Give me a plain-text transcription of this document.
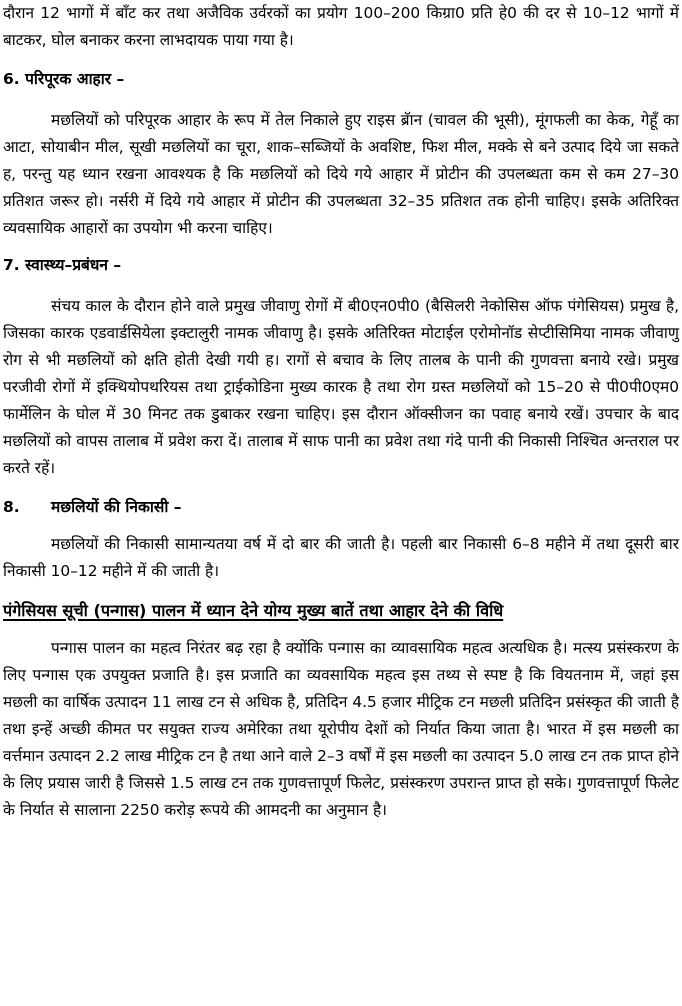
दौरान 12 भागों में बाँट कर तथा अजैविक उर्वरकों का प्रयोग 100–200 किग्रा0 प्रति हे0 की दर से 10–12 भागों में बाटकर, घोल बनाकर करना लाभदायक पाया गया है।

6. परिपूरक आहार –

मछलियों को परिपूरक आहार के रूप में तेल निकाले हुए राइस ब्रॅान (चावल की भूसी), मूंगफली का केक, गेहूँ का आटा, सोयाबीन मील, सूखी मछलियों का चूरा, शाक–सब्जियों के अवशिष्ट, फिश मील, मक्के से बने उत्पाद दिये जा सकते ह, परन्तु यह ध्यान रखना आवश्यक है कि मछलियों को दिये गये आहार में प्रोटीन की उपलब्धता कम से कम 27–30 प्रतिशत जरूर हो। नर्सरी में दिये गये आहार में प्रोटीन की उपलब्धता 32–35 प्रतिशत तक होनी चाहिए। इसके अतिरिक्त व्यवसायिक आहारों का उपयोग भी करना चाहिए।

7. स्वास्थ्य–प्रबंधन –

संचय काल के दौरान होने वाले प्रमुख जीवाणु रोगों में बी0एन0पी0 (बैसिलरी नेकोसिस ऑफ पंगेसियस) प्रमुख है, जिसका कारक एडवार्डसियेला इक्टालुरी नामक जीवाणु है। इसके अतिरिक्त मोटाईल एरोमोनॉड सेप्टीसिमिया नामक जीवाणु रोग से भी मछलियों को क्षति होती देखी गयी ह। रागों से बचाव के लिए तालब के पानी की गुणवत्ता बनाये रखे। प्रमुख परजीवी रोगों में इक्थियोपथरियस तथा ट्राईकोडिना मुख्य कारक है तथा रोग ग्रस्त मछलियों को 15–20 से पी0पी0एम0 फार्मेलिन के घोल में 30 मिनट तक डुबाकर रखना चाहिए। इस दौरान ऑक्सीजन का पवाह बनाये रखें। उपचार के बाद मछलियों को वापस तालाब में प्रवेश करा दें। तालाब में साफ पानी का प्रवेश तथा गंदे पानी की निकासी निश्चित अन्तराल पर करते रहें।

8. मछलियों की निकासी –

मछलियों की निकासी सामान्यतया वर्ष में दो बार की जाती है। पहली बार निकासी 6–8 महीने में तथा दूसरी बार निकासी 10–12 महीने में की जाती है।

पंगेसियस सूची (पन्गास) पालन में ध्यान देने योग्य मुख्य बातें तथा आहार देने की विधि

पन्गास पालन का महत्व निरंतर बढ़ रहा है क्योंकि पन्गास का व्यावसायिक महत्व अत्यधिक है। मत्स्य प्रसंस्करण के लिए पन्गास एक उपयुक्त प्रजाति है। इस प्रजाति का व्यवसायिक महत्व इस तथ्य से स्पष्ट है कि वियतनाम में, जहां इस मछली का वार्षिक उत्पादन 11 लाख टन से अधिक है, प्रतिदिन 4.5 हजार मीट्रिक टन मछली प्रतिदिन प्रसंस्कृत की जाती है तथा इन्हें अच्छी कीमत पर सयुक्त राज्य अमेरिका तथा यूरोपीय देशों को निर्यात किया जाता है। भारत में इस मछली का वर्त्तमान उत्पादन 2.2 लाख मीट्रिक टन है तथा आने वाले 2–3 वर्षों में इस मछली का उत्पादन 5.0 लाख टन तक प्राप्त होने के लिए प्रयास जारी है जिससे 1.5 लाख टन तक गुणवत्तापूर्ण फिलेट, प्रसंस्करण उपरान्त प्राप्त हो सके। गुणवत्तापूर्ण फिलेट के निर्यात से सालाना 2250 करोड़ रूपये की आमदनी का अनुमान है।
